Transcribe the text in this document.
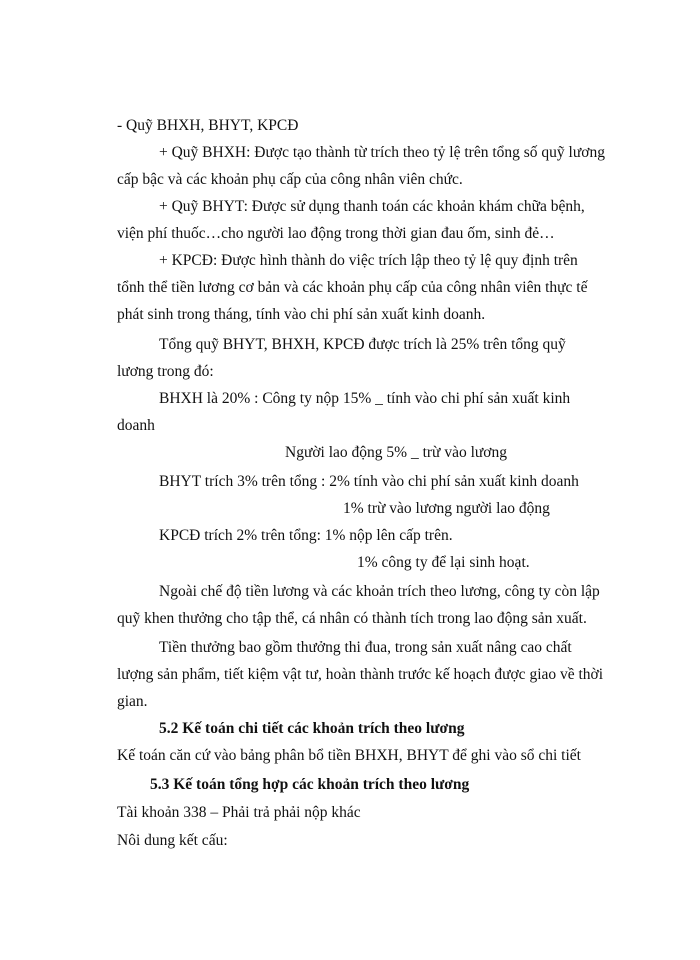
- Quỹ BHXH, BHYT, KPCĐ
+ Quỹ BHXH: Được tạo thành từ trích theo tỷ lệ trên tổng số quỹ lương
cấp bậc và các khoản phụ cấp của công nhân viên chức.
+ Quỹ BHYT: Được sử dụng thanh toán các khoản khám chữa bệnh,
viện phí thuốc…cho người lao động trong thời gian đau ốm, sinh đẻ…
+ KPCĐ: Được hình thành do việc trích lập theo tỷ lệ quy định trên
tổnh thể tiền lương cơ bản và các khoản phụ cấp của công nhân viên thực tế
phát sinh trong tháng, tính vào chi phí sản xuất kinh doanh.
Tổng quỹ BHYT, BHXH, KPCĐ được trích là 25% trên tổng quỹ
lương trong đó:
BHXH là 20% : Công ty nộp 15% _ tính vào chi phí sản xuất kinh
doanh
Người lao động 5% _ trừ vào lương
BHYT trích 3% trên tổng : 2% tính vào chi phí sản xuất kinh doanh
1% trừ vào lương người lao động
KPCĐ trích 2% trên tổng: 1% nộp lên cấp trên.
1% công ty để lại sinh hoạt.
Ngoài chế độ tiền lương và các khoản trích theo lương, công ty còn lập
quỹ khen thưởng cho tập thể, cá nhân có thành tích trong lao động sản xuất.
Tiền thưởng bao gồm thưởng thi đua, trong sản xuất nâng cao chất
lượng sản phẩm, tiết kiệm vật tư, hoàn thành trước kế hoạch được giao về thời
gian.
5.2 Kế toán chi tiết các khoản trích theo lương
Kế toán căn cứ vào bảng phân bổ tiền BHXH, BHYT để ghi vào sổ chi tiết
5.3 Kế toán tổng hợp các khoản trích theo lương
Tài khoản 338 – Phải trả phải nộp khác
Nôi dung kết cấu:
